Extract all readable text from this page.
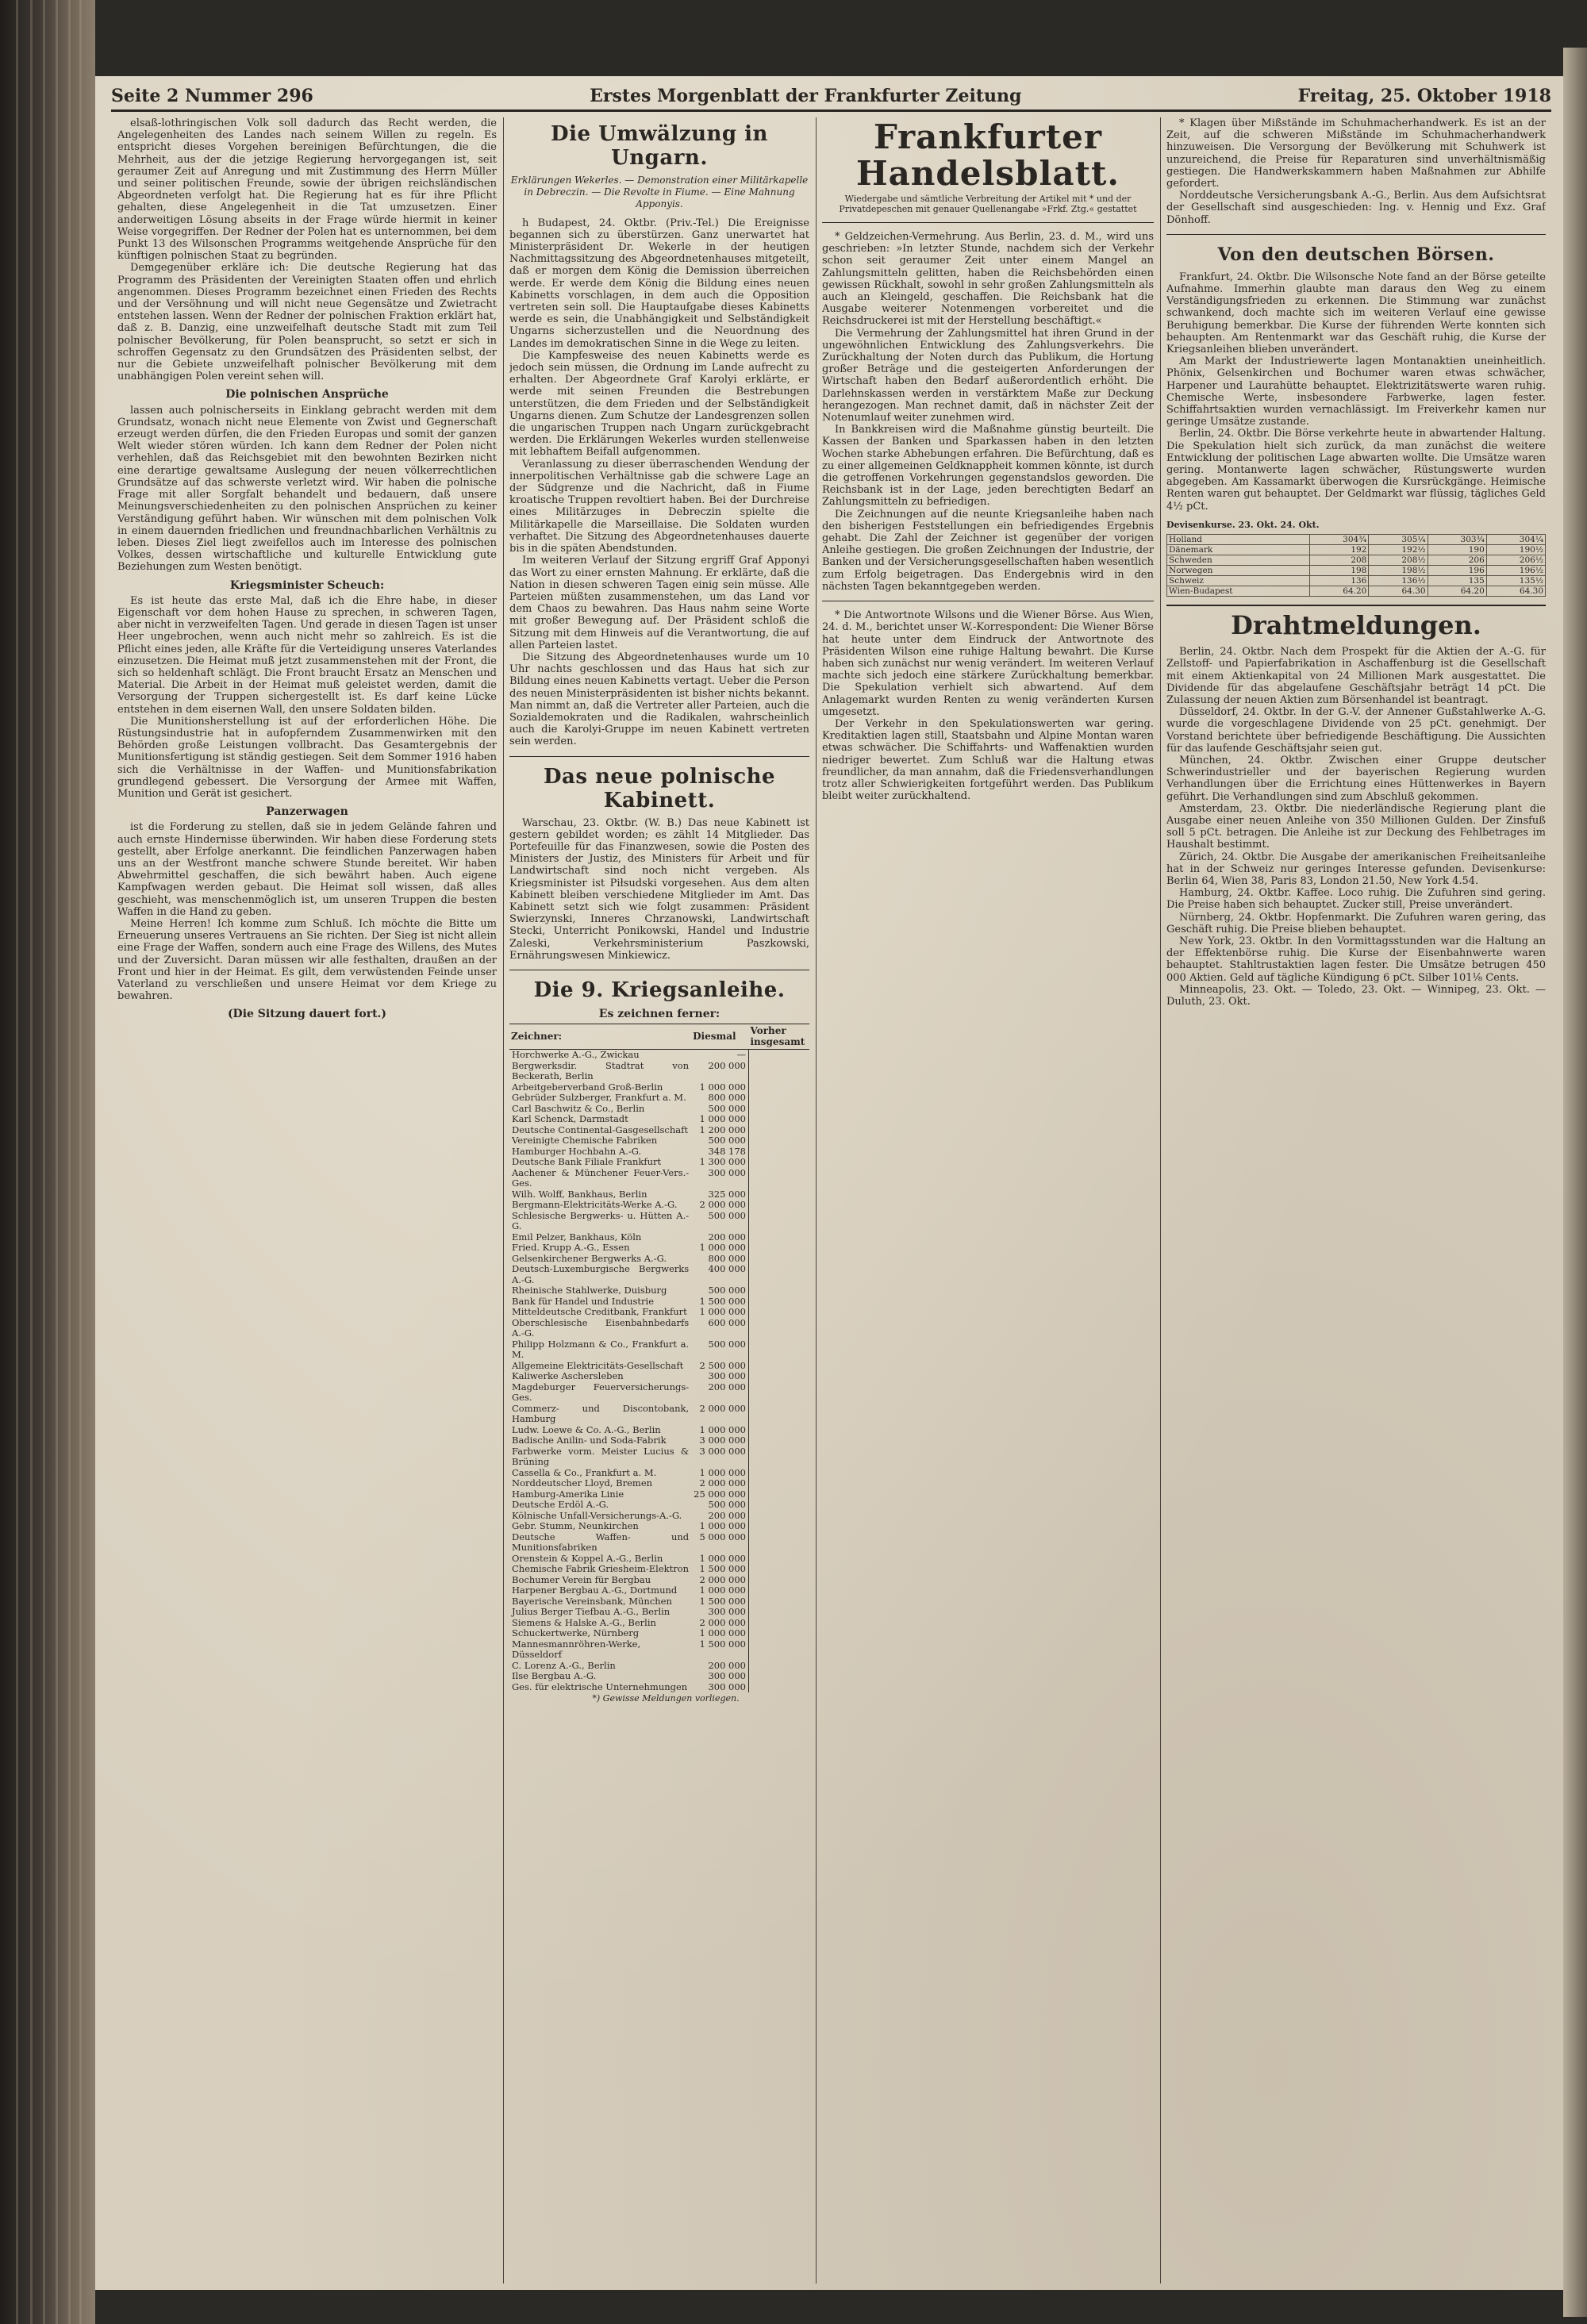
Seite 2 Nummer 296	Erstes Morgenblatt der Frankfurter Zeitung	Freitag, 25. Oktober 1918

elsaß-lothringischen Volk soll dadurch das Recht werden, die Angelegenheiten des Landes nach seinem Willen zu regeln. Es entspricht dieses Vorgehen bereinigen Befürchtungen, die die Mehrheit, aus der die jetzige Regierung hervorgegangen ist, seit geraumer Zeit auf Anregung und mit Zustimmung des Herrn Müller und seiner politischen Freunde, sowie der übrigen reichsländischen Abgeordneten verfolgt hat. Die Regierung hat es für ihre Pflicht gehalten, diese Angelegenheit in die Tat umzusetzen. Einer anderweitigen Lösung abseits in der Frage würde hiermit in keiner Weise vorgegriffen. Der Redner der Polen hat es unternommen, bei dem Punkt 13 des Wilsonschen Programms weitgehende Ansprüche für den künftigen polnischen Staat zu begründen.

Demgegenüber erkläre ich: Die deutsche Regierung hat das Programm des Präsidenten der Vereinigten Staaten offen und ehrlich angenommen. Dieses Programm bezeichnet einen Frieden des Rechts und der Versöhnung und will nicht neue Gegensätze und Zwietracht entstehen lassen. Wenn der Redner der polnischen Fraktion erklärt hat, daß z. B. Danzig, eine unzweifelhaft deutsche Stadt mit zum Teil polnischer Bevölkerung, für Polen beansprucht, so setzt er sich in schroffen Gegensatz zu den Grundsätzen des Präsidenten selbst, der nur die Gebiete unzweifelhaft polnischer Bevölkerung mit dem unabhängigen Polen vereint sehen will.

Die polnischen Ansprüche

lassen auch polnischerseits in Einklang gebracht werden mit dem Grundsatz, wonach nicht neue Elemente von Zwist und Gegnerschaft erzeugt werden dürfen, die den Frieden Europas und somit der ganzen Welt wieder stören würden. Ich kann dem Redner der Polen nicht verhehlen, daß das Reichsgebiet mit den bewohnten Bezirken nicht eine derartige gewaltsame Auslegung der neuen völkerrechtlichen Grundsätze auf das schwerste verletzt wird. Wir haben die polnische Frage mit aller Sorgfalt behandelt und bedauern, daß unsere Meinungsverschiedenheiten zu den polnischen Ansprüchen zu keiner Verständigung geführt haben. Wir wünschen mit dem polnischen Volk in einem dauernden friedlichen und freundnachbarlichen Verhältnis zu leben. Dieses Ziel liegt zweifellos auch im Interesse des polnischen Volkes, dessen wirtschaftliche und kulturelle Entwicklung gute Beziehungen zum Westen benötigt.

Kriegsminister Scheuch:

Es ist heute das erste Mal, daß ich die Ehre habe, in dieser Eigenschaft vor dem hohen Hause zu sprechen, in schweren Tagen, aber nicht in verzweifelten Tagen. Und gerade in diesen Tagen ist unser Heer ungebrochen, wenn auch nicht mehr so zahlreich. Es ist die Pflicht eines jeden, alle Kräfte für die Verteidigung unseres Vaterlandes einzusetzen. Die Heimat muß jetzt zusammenstehen mit der Front, die sich so heldenhaft schlägt. Die Front braucht Ersatz an Menschen und Material. Die Arbeit in der Heimat muß geleistet werden, damit die Versorgung der Truppen sichergestellt ist. Es darf keine Lücke entstehen in dem eisernen Wall, den unsere Soldaten bilden.

Die Munitionsherstellung ist auf der erforderlichen Höhe. Die Rüstungsindustrie hat in aufopferndem Zusammenwirken mit den Behörden große Leistungen vollbracht. Das Gesamtergebnis der Munitionsfertigung ist ständig gestiegen. Seit dem Sommer 1916 haben sich die Verhältnisse in der Waffen- und Munitionsfabrikation grundlegend gebessert. Die Versorgung der Armee mit Waffen, Munition und Gerät ist gesichert.

Panzerwagen

ist die Forderung zu stellen, daß sie in jedem Gelände fahren und auch ernste Hindernisse überwinden. Wir haben diese Forderung stets gestellt, aber Erfolge anerkannt. Die feindlichen Panzerwagen haben uns an der Westfront manche schwere Stunde bereitet. Wir haben Abwehrmittel geschaffen, die sich bewährt haben. Auch eigene Kampfwagen werden gebaut. Die Heimat soll wissen, daß alles geschieht, was menschenmöglich ist, um unseren Truppen die besten Waffen in die Hand zu geben.

Meine Herren! Ich komme zum Schluß. Ich möchte die Bitte um Erneuerung unseres Vertrauens an Sie richten. Der Sieg ist nicht allein eine Frage der Waffen, sondern auch eine Frage des Willens, des Mutes und der Zuversicht. Daran müssen wir alle festhalten, draußen an der Front und hier in der Heimat. Es gilt, dem verwüstenden Feinde unser Vaterland zu verschließen und unsere Heimat vor dem Kriege zu bewahren.

(Die Sitzung dauert fort.)

Die Umwälzung in Ungarn.

Erklärungen Wekerles. — Demonstration einer Militärkapelle in Debreczin. — Die Revolte in Fiume. — Eine Mahnung Apponyis.

h Budapest, 24. Oktbr. (Priv.-Tel.) Die Ereignisse begannen sich zu überstürzen. Ganz unerwartet hat Ministerpräsident Dr. Wekerle in der heutigen Nachmittagssitzung des Abgeordnetenhauses mitgeteilt, daß er morgen dem König die Demission überreichen werde. Er werde dem König die Bildung eines neuen Kabinetts vorschlagen, in dem auch die Opposition vertreten sein soll. Die Hauptaufgabe dieses Kabinetts werde es sein, die Unabhängigkeit und Selbständigkeit Ungarns sicherzustellen und die Neuordnung des Landes im demokratischen Sinne in die Wege zu leiten.

Die Kampfesweise des neuen Kabinetts werde es jedoch sein müssen, die Ordnung im Lande aufrecht zu erhalten. Der Abgeordnete Graf Karolyi erklärte, er werde mit seinen Freunden die Bestrebungen unterstützen, die dem Frieden und der Selbständigkeit Ungarns dienen. Zum Schutze der Landesgrenzen sollen die ungarischen Truppen nach Ungarn zurückgebracht werden. Die Erklärungen Wekerles wurden stellenweise mit lebhaftem Beifall aufgenommen.

Veranlassung zu dieser überraschenden Wendung der innerpolitischen Verhältnisse gab die schwere Lage an der Südgrenze und die Nachricht, daß in Fiume kroatische Truppen revoltiert haben. Bei der Durchreise eines Militärzuges in Debreczin spielte die Militärkapelle die Marseillaise. Die Soldaten wurden verhaftet. Die Sitzung des Abgeordnetenhauses dauerte bis in die späten Abendstunden.

Im weiteren Verlauf der Sitzung ergriff Graf Apponyi das Wort zu einer ernsten Mahnung. Er erklärte, daß die Nation in diesen schweren Tagen einig sein müsse. Alle Parteien müßten zusammenstehen, um das Land vor dem Chaos zu bewahren. Das Haus nahm seine Worte mit großer Bewegung auf. Der Präsident schloß die Sitzung mit dem Hinweis auf die Verantwortung, die auf allen Parteien lastet.

Die Sitzung des Abgeordnetenhauses wurde um 10 Uhr nachts geschlossen und das Haus hat sich zur Bildung eines neuen Kabinetts vertagt. Ueber die Person des neuen Ministerpräsidenten ist bisher nichts bekannt. Man nimmt an, daß die Vertreter aller Parteien, auch die Sozialdemokraten und die Radikalen, wahrscheinlich auch die Karolyi-Gruppe im neuen Kabinett vertreten sein werden.

Das neue polnische Kabinett.

Warschau, 23. Oktbr. (W. B.) Das neue Kabinett ist gestern gebildet worden; es zählt 14 Mitglieder. Das Portefeuille für das Finanzwesen, sowie die Posten des Ministers der Justiz, des Ministers für Arbeit und für Landwirtschaft sind noch nicht vergeben. Als Kriegsminister ist Piłsudski vorgesehen. Aus dem alten Kabinett bleiben verschiedene Mitglieder im Amt. Das Kabinett setzt sich wie folgt zusammen: Präsident Swierzynski, Inneres Chrzanowski, Landwirtschaft Stecki, Unterricht Ponikowski, Handel und Industrie Zaleski, Verkehrsministerium Paszkowski, Ernährungswesen Minkiewicz.

Die 9. Kriegsanleihe.

Es zeichnen ferner:

Zeichner:	Diesmal	Vorher insgesamt
Horchwerke A.-G., Zwickau	—	
Bergwerksdir. Stadtrat von Beckerath, Berlin	200 000	
Arbeitgeberverband Groß-Berlin	1 000 000	
Gebrüder Sulzberger, Frankfurt a. M.	800 000	
Carl Baschwitz & Co., Berlin	500 000	
Karl Schenck, Darmstadt	1 000 000	
Deutsche Continental-Gasgesellschaft	1 200 000	
Vereinigte Chemische Fabriken	500 000	
Hamburger Hochbahn A.-G.	348 178	
Deutsche Bank Filiale Frankfurt	1 300 000	
Aachener & Münchener Feuer-Vers.-Ges.	300 000	
Wilh. Wolff, Bankhaus, Berlin	325 000	
Bergmann-Elektricitäts-Werke A.-G.	2 000 000	
Schlesische Bergwerks- u. Hütten A.-G.	500 000	
Emil Pelzer, Bankhaus, Köln	200 000	
Fried. Krupp A.-G., Essen	1 000 000	
Gelsenkirchener Bergwerks A.-G.	800 000	
Deutsch-Luxemburgische Bergwerks A.-G.	400 000	
Rheinische Stahlwerke, Duisburg	500 000	
Bank für Handel und Industrie	1 500 000	
Mitteldeutsche Creditbank, Frankfurt	1 000 000	
Oberschlesische Eisenbahnbedarfs A.-G.	600 000	
Philipp Holzmann & Co., Frankfurt a. M.	500 000	
Allgemeine Elektricitäts-Gesellschaft	2 500 000	
Kaliwerke Aschersleben	300 000	
Magdeburger Feuerversicherungs-Ges.	200 000	
Commerz- und Discontobank, Hamburg	2 000 000	
Ludw. Loewe & Co. A.-G., Berlin	1 000 000	
Badische Anilin- und Soda-Fabrik	3 000 000	
Farbwerke vorm. Meister Lucius & Brüning	3 000 000	
Cassella & Co., Frankfurt a. M.	1 000 000	
Norddeutscher Lloyd, Bremen	2 000 000	
Hamburg-Amerika Linie	25 000 000	
Deutsche Erdöl A.-G.	500 000	
Kölnische Unfall-Versicherungs-A.-G.	200 000	
Gebr. Stumm, Neunkirchen	1 000 000	
Deutsche Waffen- und Munitionsfabriken	5 000 000	
Orenstein & Koppel A.-G., Berlin	1 000 000	
Chemische Fabrik Griesheim-Elektron	1 500 000	
Bochumer Verein für Bergbau	2 000 000	
Harpener Bergbau A.-G., Dortmund	1 000 000	
Bayerische Vereinsbank, München	1 500 000	
Julius Berger Tiefbau A.-G., Berlin	300 000	
Siemens & Halske A.-G., Berlin	2 000 000	
Schuckertwerke, Nürnberg	1 000 000	
Mannesmannröhren-Werke, Düsseldorf	1 500 000	
C. Lorenz A.-G., Berlin	200 000	
Ilse Bergbau A.-G.	300 000	
Ges. für elektrische Unternehmungen	300 000	

*) Gewisse Meldungen vorliegen.

Frankfurter Handelsblatt.
Wiedergabe und sämtliche Verbreitung der Artikel mit * und der Privatdepeschen mit genauer Quellenangabe »Frkf. Ztg.« gestattet

* Geldzeichen-Vermehrung. Aus Berlin, 23. d. M., wird uns geschrieben: »In letzter Stunde, nachdem sich der Verkehr schon seit geraumer Zeit unter einem Mangel an Zahlungsmitteln gelitten, haben die Reichsbehörden einen gewissen Rückhalt, sowohl in sehr großen Zahlungsmitteln als auch an Kleingeld, geschaffen. Die Reichsbank hat die Ausgabe weiterer Notenmengen vorbereitet und die Reichsdruckerei ist mit der Herstellung beschäftigt.«

Die Vermehrung der Zahlungsmittel hat ihren Grund in der ungewöhnlichen Entwicklung des Zahlungsverkehrs. Die Zurückhaltung der Noten durch das Publikum, die Hortung großer Beträge und die gesteigerten Anforderungen der Wirtschaft haben den Bedarf außerordentlich erhöht. Die Darlehnskassen werden in verstärktem Maße zur Deckung herangezogen. Man rechnet damit, daß in nächster Zeit der Notenumlauf weiter zunehmen wird.

In Bankkreisen wird die Maßnahme günstig beurteilt. Die Kassen der Banken und Sparkassen haben in den letzten Wochen starke Abhebungen erfahren. Die Befürchtung, daß es zu einer allgemeinen Geldknappheit kommen könnte, ist durch die getroffenen Vorkehrungen gegenstandslos geworden. Die Reichsbank ist in der Lage, jeden berechtigten Bedarf an Zahlungsmitteln zu befriedigen.

Die Zeichnungen auf die neunte Kriegsanleihe haben nach den bisherigen Feststellungen ein befriedigendes Ergebnis gehabt. Die Zahl der Zeichner ist gegenüber der vorigen Anleihe gestiegen. Die großen Zeichnungen der Industrie, der Banken und der Versicherungsgesellschaften haben wesentlich zum Erfolg beigetragen. Das Endergebnis wird in den nächsten Tagen bekanntgegeben werden.

* Die Antwortnote Wilsons und die Wiener Börse. Aus Wien, 24. d. M., berichtet unser W.-Korrespondent: Die Wiener Börse hat heute unter dem Eindruck der Antwortnote des Präsidenten Wilson eine ruhige Haltung bewahrt. Die Kurse haben sich zunächst nur wenig verändert. Im weiteren Verlauf machte sich jedoch eine stärkere Zurückhaltung bemerkbar. Die Spekulation verhielt sich abwartend. Auf dem Anlagemarkt wurden Renten zu wenig veränderten Kursen umgesetzt.

Der Verkehr in den Spekulationswerten war gering. Kreditaktien lagen still, Staatsbahn und Alpine Montan waren etwas schwächer. Die Schiffahrts- und Waffenaktien wurden niedriger bewertet. Zum Schluß war die Haltung etwas freundlicher, da man annahm, daß die Friedensverhandlungen trotz aller Schwierigkeiten fortgeführt werden. Das Publikum bleibt weiter zurückhaltend.

* Klagen über Mißstände im Schuhmacherhandwerk. Es ist an der Zeit, auf die schweren Mißstände im Schuhmacherhandwerk hinzuweisen. Die Versorgung der Bevölkerung mit Schuhwerk ist unzureichend, die Preise für Reparaturen sind unverhältnismäßig gestiegen. Die Handwerkskammern haben Maßnahmen zur Abhilfe gefordert.

Norddeutsche Versicherungsbank A.-G., Berlin. Aus dem Aufsichtsrat der Gesellschaft sind ausgeschieden: Ing. v. Hennig und Exz. Graf Dönhoff.

Von den deutschen Börsen.

Frankfurt, 24. Oktbr. Die Wilsonsche Note fand an der Börse geteilte Aufnahme. Immerhin glaubte man daraus den Weg zu einem Verständigungsfrieden zu erkennen. Die Stimmung war zunächst schwankend, doch machte sich im weiteren Verlauf eine gewisse Beruhigung bemerkbar. Die Kurse der führenden Werte konnten sich behaupten. Am Rentenmarkt war das Geschäft ruhig, die Kurse der Kriegsanleihen blieben unverändert.

Am Markt der Industriewerte lagen Montanaktien uneinheitlich. Phönix, Gelsenkirchen und Bochumer waren etwas schwächer, Harpener und Laurahütte behauptet. Elektrizitätswerte waren ruhig. Chemische Werte, insbesondere Farbwerke, lagen fester. Schiffahrtsaktien wurden vernachlässigt. Im Freiverkehr kamen nur geringe Umsätze zustande.

Berlin, 24. Oktbr. Die Börse verkehrte heute in abwartender Haltung. Die Spekulation hielt sich zurück, da man zunächst die weitere Entwicklung der politischen Lage abwarten wollte. Die Umsätze waren gering. Montanwerte lagen schwächer, Rüstungswerte wurden abgegeben. Am Kassamarkt überwogen die Kursrückgänge. Heimische Renten waren gut behauptet. Der Geldmarkt war flüssig, tägliches Geld 4½ pCt.

Devisenkurse. 23. Okt. 24. Okt.

Holland	304¾	305¼	303¾	304¼
Dänemark	192	192½	190	190½
Schweden	208	208½	206	206½
Norwegen	198	198½	196	196½
Schweiz	136	136½	135	135½
Wien-Budapest	64.20	64.30	64.20	64.30
Drahtmeldungen.

Berlin, 24. Oktbr. Nach dem Prospekt für die Aktien der A.-G. für Zellstoff- und Papierfabrikation in Aschaffenburg ist die Gesellschaft mit einem Aktienkapital von 24 Millionen Mark ausgestattet. Die Dividende für das abgelaufene Geschäftsjahr beträgt 14 pCt. Die Zulassung der neuen Aktien zum Börsenhandel ist beantragt.

Düsseldorf, 24. Oktbr. In der G.-V. der Annener Gußstahlwerke A.-G. wurde die vorgeschlagene Dividende von 25 pCt. genehmigt. Der Vorstand berichtete über befriedigende Beschäftigung. Die Aussichten für das laufende Geschäftsjahr seien gut.

München, 24. Oktbr. Zwischen einer Gruppe deutscher Schwerindustrieller und der bayerischen Regierung wurden Verhandlungen über die Errichtung eines Hüttenwerkes in Bayern geführt. Die Verhandlungen sind zum Abschluß gekommen.

Amsterdam, 23. Oktbr. Die niederländische Regierung plant die Ausgabe einer neuen Anleihe von 350 Millionen Gulden. Der Zinsfuß soll 5 pCt. betragen. Die Anleihe ist zur Deckung des Fehlbetrages im Haushalt bestimmt.

Zürich, 24. Oktbr. Die Ausgabe der amerikanischen Freiheitsanleihe hat in der Schweiz nur geringes Interesse gefunden. Devisenkurse: Berlin 64, Wien 38, Paris 83, London 21.50, New York 4.54.

Hamburg, 24. Oktbr. Kaffee. Loco ruhig. Die Zufuhren sind gering. Die Preise haben sich behauptet. Zucker still, Preise unverändert.

Nürnberg, 24. Oktbr. Hopfenmarkt. Die Zufuhren waren gering, das Geschäft ruhig. Die Preise blieben behauptet.

New York, 23. Oktbr. In den Vormittagsstunden war die Haltung an der Effektenbörse ruhig. Die Kurse der Eisenbahnwerte waren behauptet. Stahltrustaktien lagen fester. Die Umsätze betrugen 450 000 Aktien. Geld auf tägliche Kündigung 6 pCt. Silber 101⅛ Cents.

Minneapolis, 23. Okt. — Toledo, 23. Okt. — Winnipeg, 23. Okt. — Duluth, 23. Okt.
